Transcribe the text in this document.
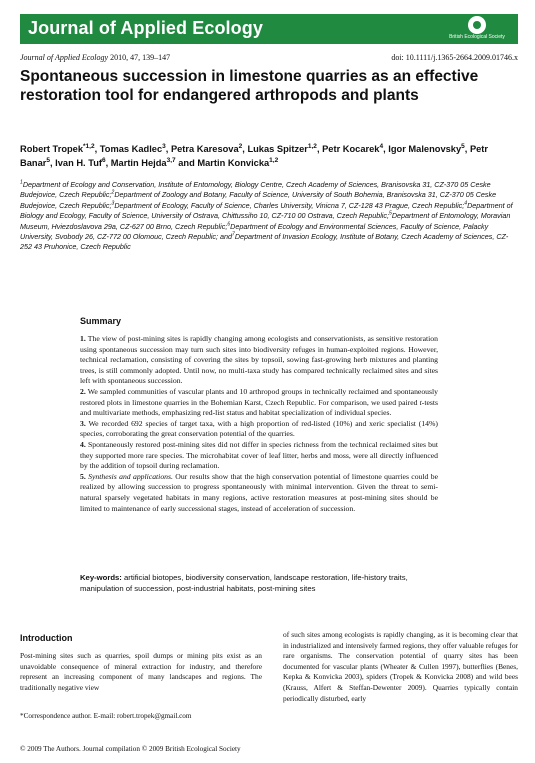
Journal of Applied Ecology	British Ecological Society
Journal of Applied Ecology 2010, 47, 139–147	doi: 10.1111/j.1365-2664.2009.01746.x
Spontaneous succession in limestone quarries as an effective restoration tool for endangered arthropods and plants
Robert Tropek$^{*1,2}$, Tomas Kadlec$^3$, Petra Karesova$^2$, Lukas Spitzer$^{1,2}$, Petr Kocarek$^4$, Igor Malenovsky$^5$, Petr Banar$^5$, Ivan H. Tuf$^6$, Martin Hejda$^{3,7}$ and Martin Konvicka$^{1,2}$
$^1$Department of Ecology and Conservation, Institute of Entomology, Biology Centre, Czech Academy of Sciences, Branisovska 31, CZ-370 05 Ceske Budejovice, Czech Republic;$^2$Department of Zoology and Botany, Faculty of Science, University of South Bohemia, Branisovska 31, CZ-370 05 Ceske Budejovice, Czech Republic;$^3$Department of Ecology, Faculty of Science, Charles University, Vinicna 7, CZ-128 43 Prague, Czech Republic;$^4$Department of Biology and Ecology, Faculty of Science, University of Ostrava, Chittussiho 10, CZ-710 00 Ostrava, Czech Republic;$^5$Department of Entomology, Moravian Museum, Hviezdoslavova 29a, CZ-627 00 Brno, Czech Republic;$^6$Department of Ecology and Environmental Sciences, Faculty of Science, Palacky University, Svobody 26, CZ-772 00 Olomouc, Czech Republic; and$^7$Department of Invasion Ecology, Institute of Botany, Czech Academy of Sciences, CZ-252 43 Pruhonice, Czech Republic
Summary

1. The view of post-mining sites is rapidly changing among ecologists and conservationists, as sensitive restoration using spontaneous succession may turn such sites into biodiversity refuges in human-exploited regions. However, technical reclamation, consisting of covering the sites by topsoil, sowing fast-growing herb mixtures and planting trees, is still commonly adopted. Until now, no multi-taxa study has compared technically reclaimed sites and sites left with spontaneous succession.

2. We sampled communities of vascular plants and 10 arthropod groups in technically reclaimed and spontaneously restored plots in limestone quarries in the Bohemian Karst, Czech Republic. For comparison, we used paired t-tests and multivariate methods, emphasizing red-list status and habitat specialization of individual species.

3. We recorded 692 species of target taxa, with a high proportion of red-listed (10%) and xeric specialist (14%) species, corroborating the great conservation potential of the quarries.

4. Spontaneously restored post-mining sites did not differ in species richness from the technical reclaimed sites but they supported more rare species. The microhabitat cover of leaf litter, herbs and moss, were all directly influenced by the addition of topsoil during reclamation.

5. Synthesis and applications. Our results show that the high conservation potential of limestone quarries could be realized by allowing succession to progress spontaneously with minimal intervention. Given the threat to semi-natural sparsely vegetated habitats in many regions, active restoration measures at post-mining sites should be limited to maintenance of early successional stages, instead of acceleration of succession.

Key-words: artificial biotopes, biodiversity conservation, landscape restoration, life-history traits, manipulation of succession, post-industrial habitats, post-mining sites
Introduction
Post-mining sites such as quarries, spoil dumps or mining pits exist as an unavoidable consequence of mineral extraction for industry, and therefore represent an increasing component of many landscapes and regions. The traditionally negative view
of such sites among ecologists is rapidly changing, as it is becoming clear that in industrialized and intensively farmed regions, they offer valuable refuges for rare organisms. The conservation potential of quarry sites has been documented for vascular plants (Wheater & Cullen 1997), butterflies (Benes, Kepka & Konvicka 2003), spiders (Tropek & Konvicka 2008) and wild bees (Krauss, Alfert & Steffan-Dewenter 2009). Quarries typically contain periodically disturbed, early
*Correspondence author. E-mail: robert.tropek@gmail.com
© 2009 The Authors. Journal compilation © 2009 British Ecological Society
